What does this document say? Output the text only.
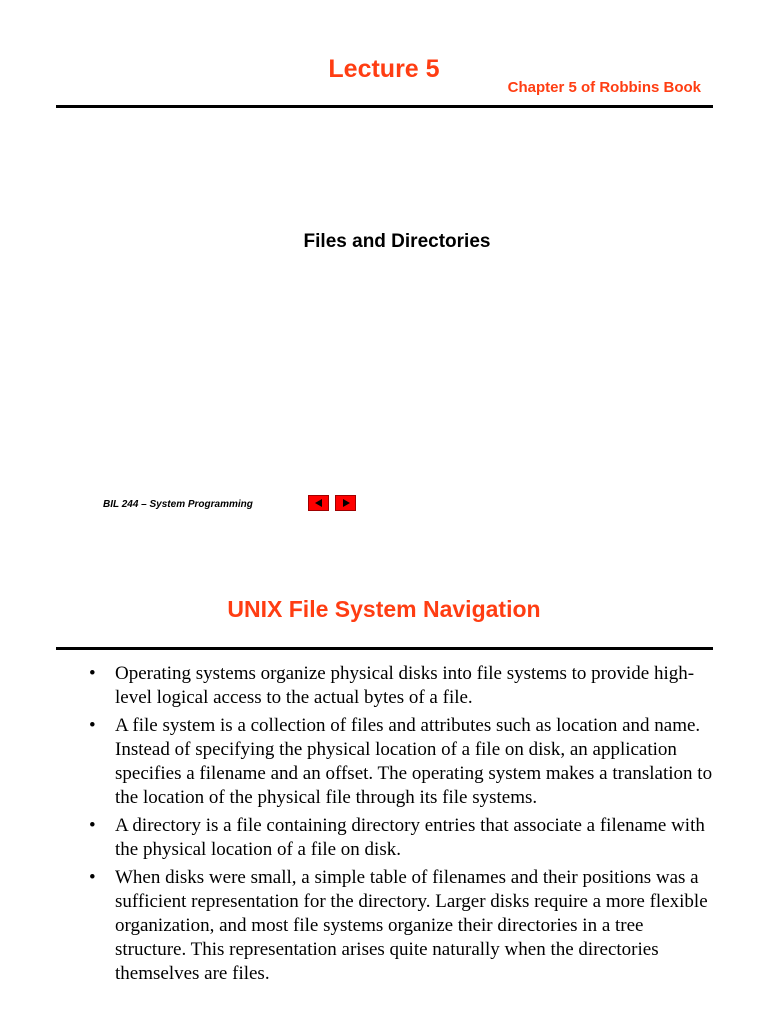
Lecture 5
Chapter 5 of Robbins Book
Files and Directories
BIL 244 – System Programming
UNIX File System Navigation
• Operating systems organize physical disks into file systems to provide high-level logical access to the actual bytes of a file.
• A file system is a collection of files and attributes such as location and name. Instead of specifying the physical location of a file on disk, an application specifies a filename and an offset. The operating system makes a translation to the location of the physical file through its file systems.
• A directory is a file containing directory entries that associate a filename with the physical location of a file on disk.
• When disks were small, a simple table of filenames and their positions was a sufficient representation for the directory. Larger disks require a more flexible organization, and most file systems organize their directories in a tree structure. This representation arises quite naturally when the directories themselves are files.
